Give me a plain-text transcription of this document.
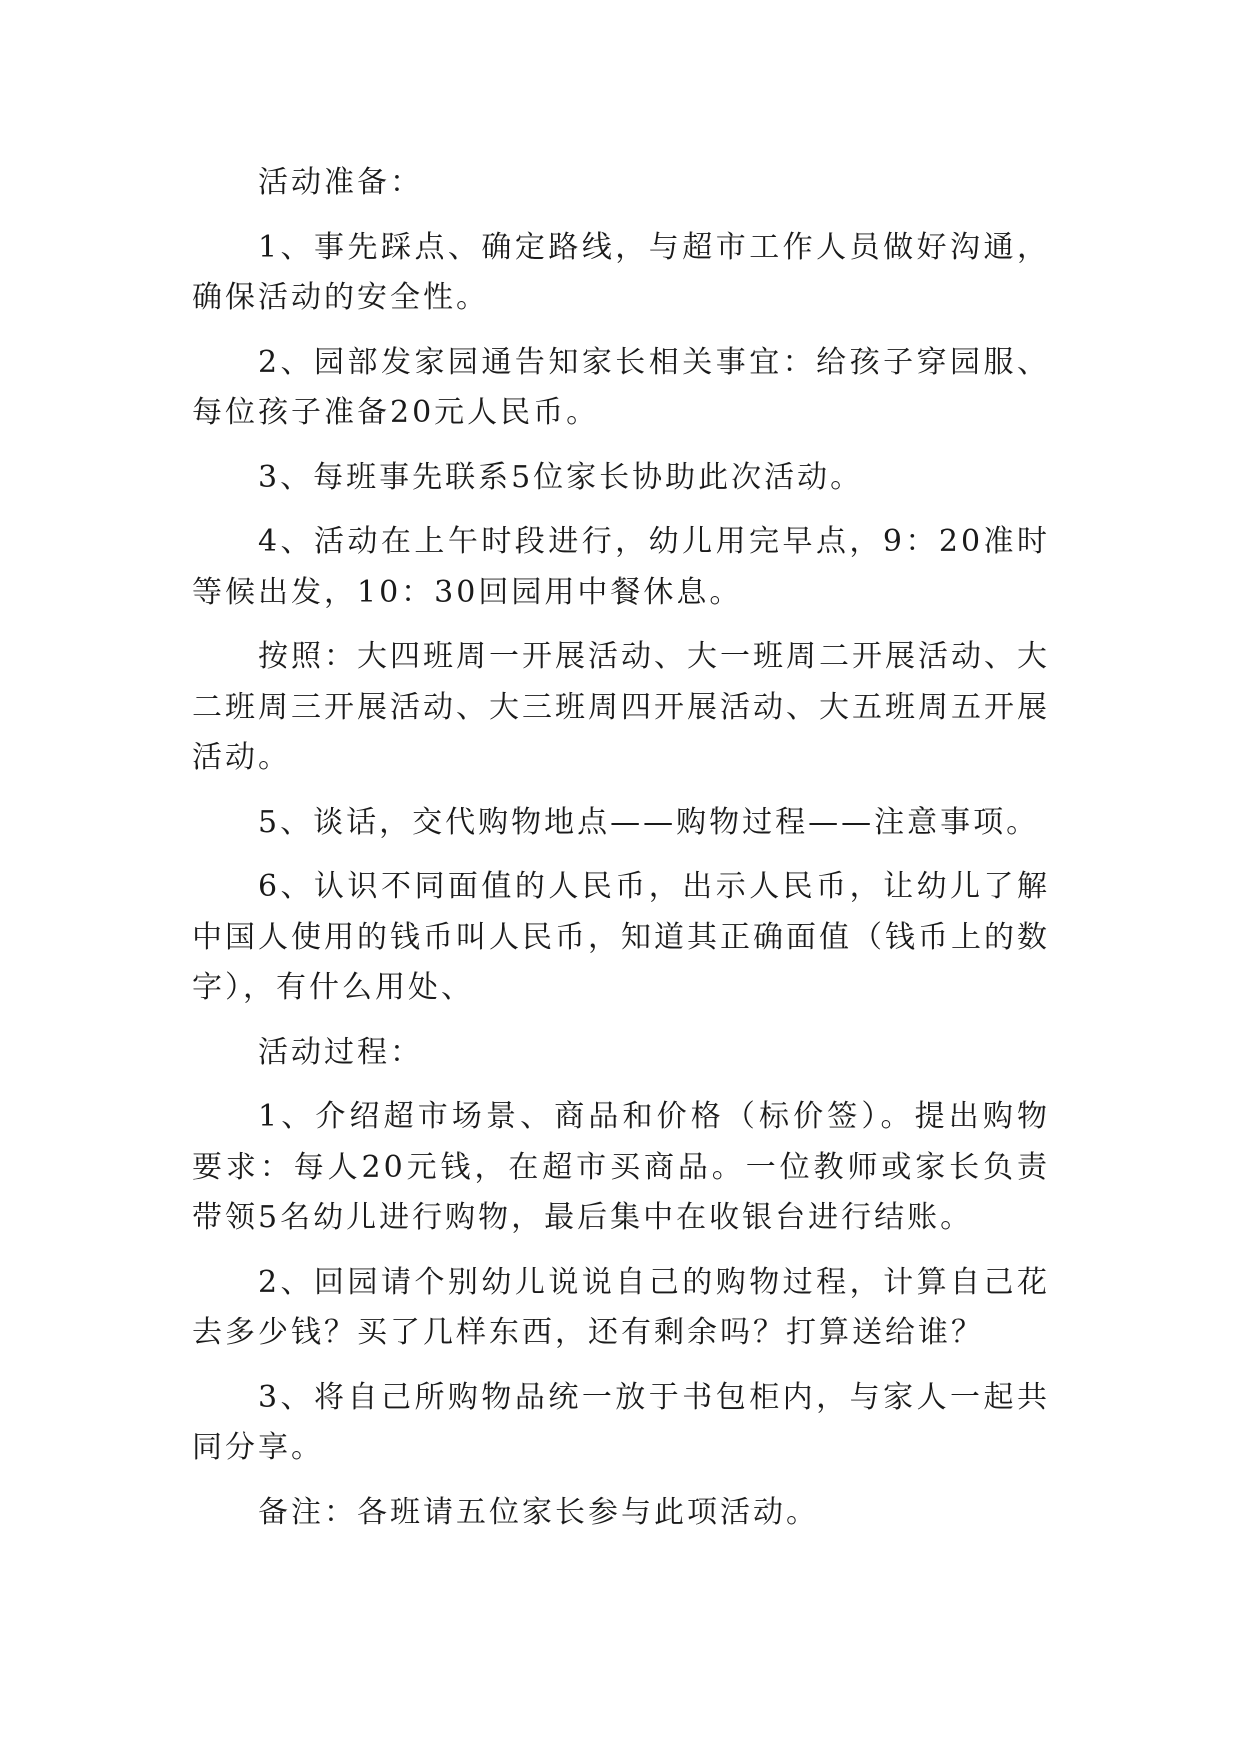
活动准备：

1、事先踩点、确定路线，与超市工作人员做好沟通，确保活动的安全性。

2、园部发家园通告知家长相关事宜：给孩子穿园服、每位孩子准备20元人民币。

3、每班事先联系5位家长协助此次活动。

4、活动在上午时段进行，幼儿用完早点，9：20准时等候出发，10：30回园用中餐休息。

按照：大四班周一开展活动、大一班周二开展活动、大二班周三开展活动、大三班周四开展活动、大五班周五开展活动。

5、谈话，交代购物地点——购物过程——注意事项。

6、认识不同面值的人民币，出示人民币，让幼儿了解中国人使用的钱币叫人民币，知道其正确面值（钱币上的数字），有什么用处、

活动过程：

1、介绍超市场景、商品和价格（标价签）。提出购物要求：每人20元钱，在超市买商品。一位教师或家长负责带领5名幼儿进行购物，最后集中在收银台进行结账。

2、回园请个别幼儿说说自己的购物过程，计算自己花去多少钱？买了几样东西，还有剩余吗？打算送给谁？

3、将自己所购物品统一放于书包柜内，与家人一起共同分享。

备注：各班请五位家长参与此项活动。
